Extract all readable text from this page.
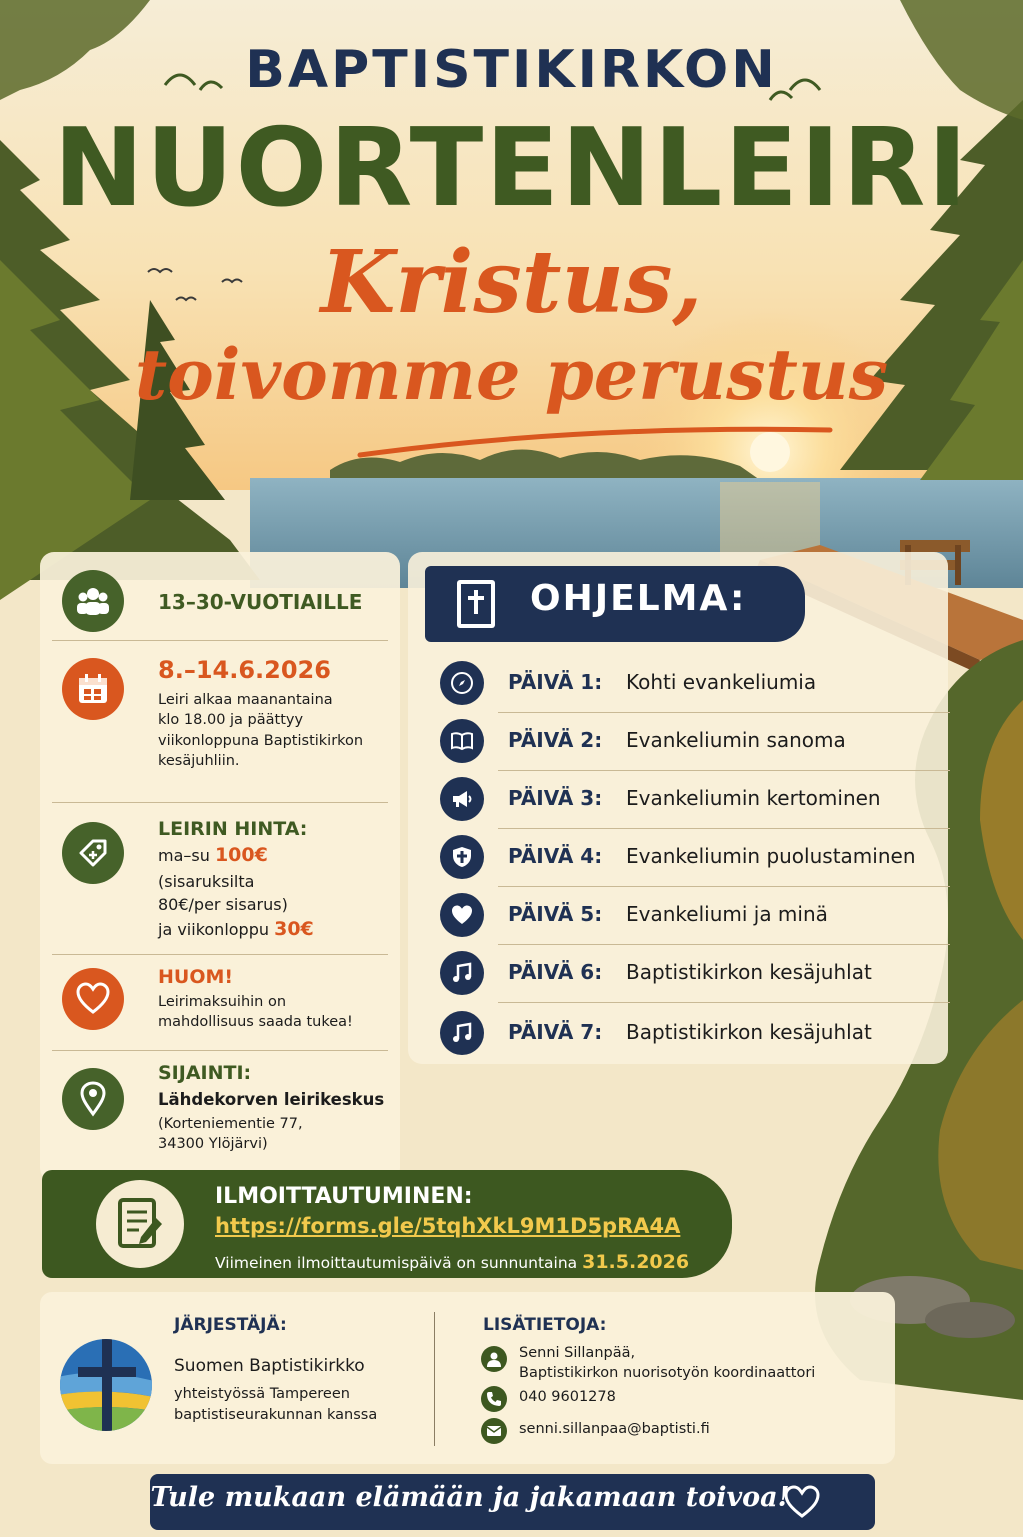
BAPTISTIKIRKON
NUORTENLEIRI
Kristus,
toivomme perustus
13–30-VUOTIAILLE
8.–14.6.2026
Leiri alkaa maanantaina
klo 18.00 ja päättyy
viikonloppuna Baptistikirkon
kesäjuhliin.
LEIRIN HINTA:
ma–su 100€
(sisaruksilta
80€/per sisarus)
ja viikonloppu 30€
HUOM!
Leirimaksuihin on
mahdollisuus saada tukea!
SIJAINTI:
Lähdekorven leirikeskus
(Korteniementie 77,
34300 Ylöjärvi)
OHJELMA:
PÄIVÄ 1: Kohti evankeliumia
PÄIVÄ 2: Evankeliumin sanoma
PÄIVÄ 3: Evankeliumin kertominen
PÄIVÄ 4: Evankeliumin puolustaminen
PÄIVÄ 5: Evankeliumi ja minä
PÄIVÄ 6: Baptistikirkon kesäjuhlat
PÄIVÄ 7: Baptistikirkon kesäjuhlat
ILMOITTAUTUMINEN:
https://forms.gle/5tqhXkL9M1D5pRA4A
Viimeinen ilmoittautumispäivä on sunnuntaina 31.5.2026
JÄRJESTÄJÄ:
Suomen Baptistikirkko
yhteistyössä Tampereen
baptistiseurakunnan kanssa
LISÄTIETOJA:
Senni Sillanpää,
Baptistikirkon nuorisotyön koordinaattori
040 9601278
senni.sillanpaa@baptisti.fi
Tule mukaan elämään ja jakamaan toivoa!
